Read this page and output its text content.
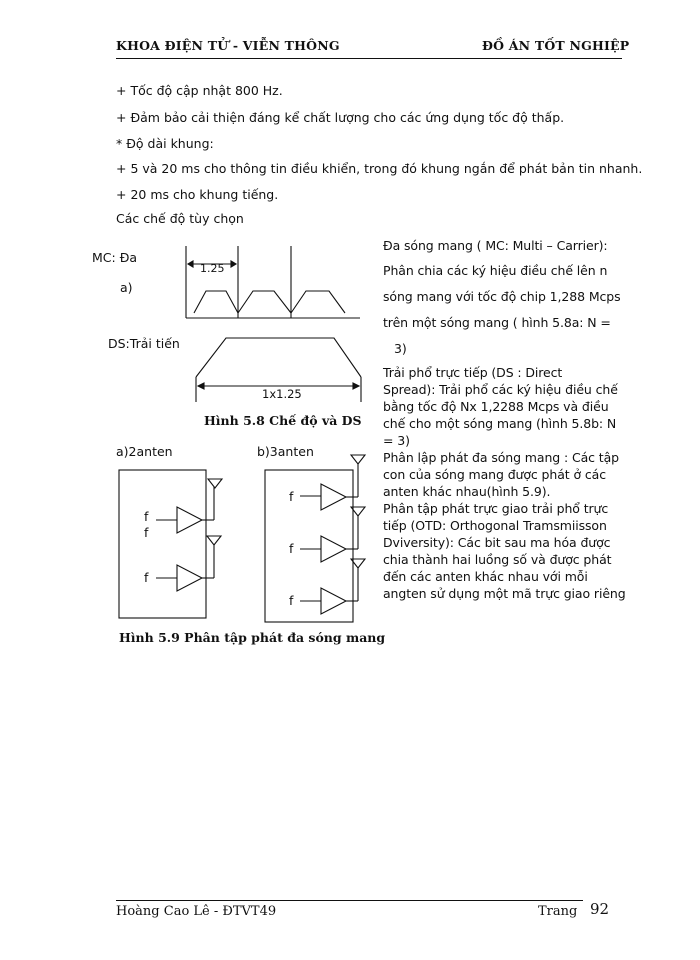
KHOA ĐIỆN TỬ - VIỄN THÔNG	ĐỒ ÁN TỐT NGHIỆP
+ Tốc độ cập nhật 800 Hz.
+ Đảm bảo cải thiện đáng kể chất lượng cho các ứng dụng tốc độ thấp.
* Độ dài khung:
+ 5 và 20 ms cho thông tin điều khiển, trong đó khung ngắn để phát bản tin nhanh.
+ 20 ms cho khung tiếng.
Các chế độ tùy chọn
Đa sóng mang ( MC: Multi – Carrier):
Phân chia các ký hiệu điều chế lên n
sóng mang với tốc độ chip 1,288 Mcps
trên một sóng mang ( hình 5.8a: N =
3)
Trải phổ trực tiếp (DS : Direct
Spread): Trải phổ các ký hiệu điều chế
bằng tốc độ Nx 1,2288 Mcps và điều
chế cho một sóng mang (hình 5.8b: N
= 3)
Phân lập phát đa sóng mang : Các tập
con của sóng mang được phát ở các
anten khác nhau(hình 5.9).
Phân tập phát trực giao trải phổ trực
tiếp (OTD: Orthogonal Tramsmiisson
Dviversity): Các bit sau ma hóa được
chia thành hai luồng số và được phát
đến các anten khác nhau với mỗi
angten sử dụng một mã trực giao riêng
1.25
MC: Đa
a)
1x1.25
DS:Trải tiến
Hình 5.8 Chế độ và DS
a)2anten	b)3anten
f
f
f
f
f
f
Hình 5.9 Phân tập phát đa sóng mang
Hoàng Cao Lê - ĐTVT49	Trang 92
